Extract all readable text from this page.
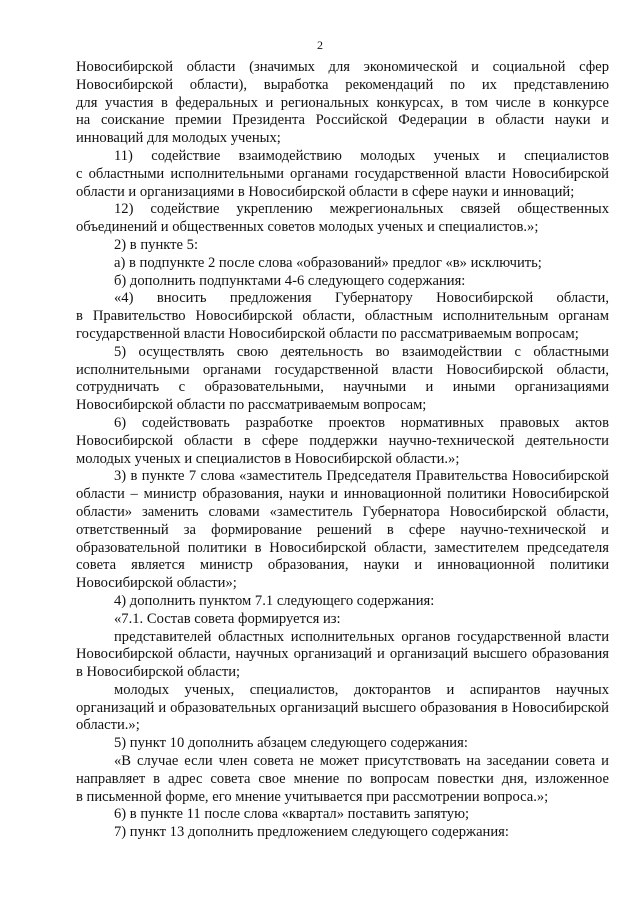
2
Новосибирской области (значимых для экономической и социальной сфер
Новосибирской области), выработка рекомендаций по их представлению
для участия в федеральных и региональных конкурсах, в том числе в конкурсе
на соискание премии Президента Российской Федерации в области науки и
инноваций для молодых ученых;
11) содействие взаимодействию молодых ученых и специалистов
с областными исполнительными органами государственной власти Новосибирской
области и организациями в Новосибирской области в сфере науки и инноваций;
12) содействие укреплению межрегиональных связей общественных
объединений и общественных советов молодых ученых и специалистов.»;
2) в пункте 5:
а) в подпункте 2 после слова «образований» предлог «в» исключить;
б) дополнить подпунктами 4-6 следующего содержания:
«4) вносить предложения Губернатору Новосибирской области,
в Правительство Новосибирской области, областным исполнительным органам
государственной власти Новосибирской области по рассматриваемым вопросам;
5) осуществлять свою деятельность во взаимодействии с областными
исполнительными органами государственной власти Новосибирской области,
сотрудничать с образовательными, научными и иными организациями
Новосибирской области по рассматриваемым вопросам;
6) содействовать разработке проектов нормативных правовых актов
Новосибирской области в сфере поддержки научно-технической деятельности
молодых ученых и специалистов в Новосибирской области.»;
3) в пункте 7 слова «заместитель Председателя Правительства Новосибирской
области – министр образования, науки и инновационной политики Новосибирской
области» заменить словами «заместитель Губернатора Новосибирской области,
ответственный за формирование решений в сфере научно-технической и
образовательной политики в Новосибирской области, заместителем председателя
совета является министр образования, науки и инновационной политики
Новосибирской области»;
4) дополнить пунктом 7.1 следующего содержания:
«7.1. Состав совета формируется из:
представителей областных исполнительных органов государственной власти
Новосибирской области, научных организаций и организаций высшего образования
в Новосибирской области;
молодых ученых, специалистов, докторантов и аспирантов научных
организаций и образовательных организаций высшего образования в Новосибирской
области.»;
5) пункт 10 дополнить абзацем следующего содержания:
«В случае если член совета не может присутствовать на заседании совета и
направляет в адрес совета свое мнение по вопросам повестки дня, изложенное
в письменной форме, его мнение учитывается при рассмотрении вопроса.»;
6) в пункте 11 после слова «квартал» поставить запятую;
7) пункт 13 дополнить предложением следующего содержания:
